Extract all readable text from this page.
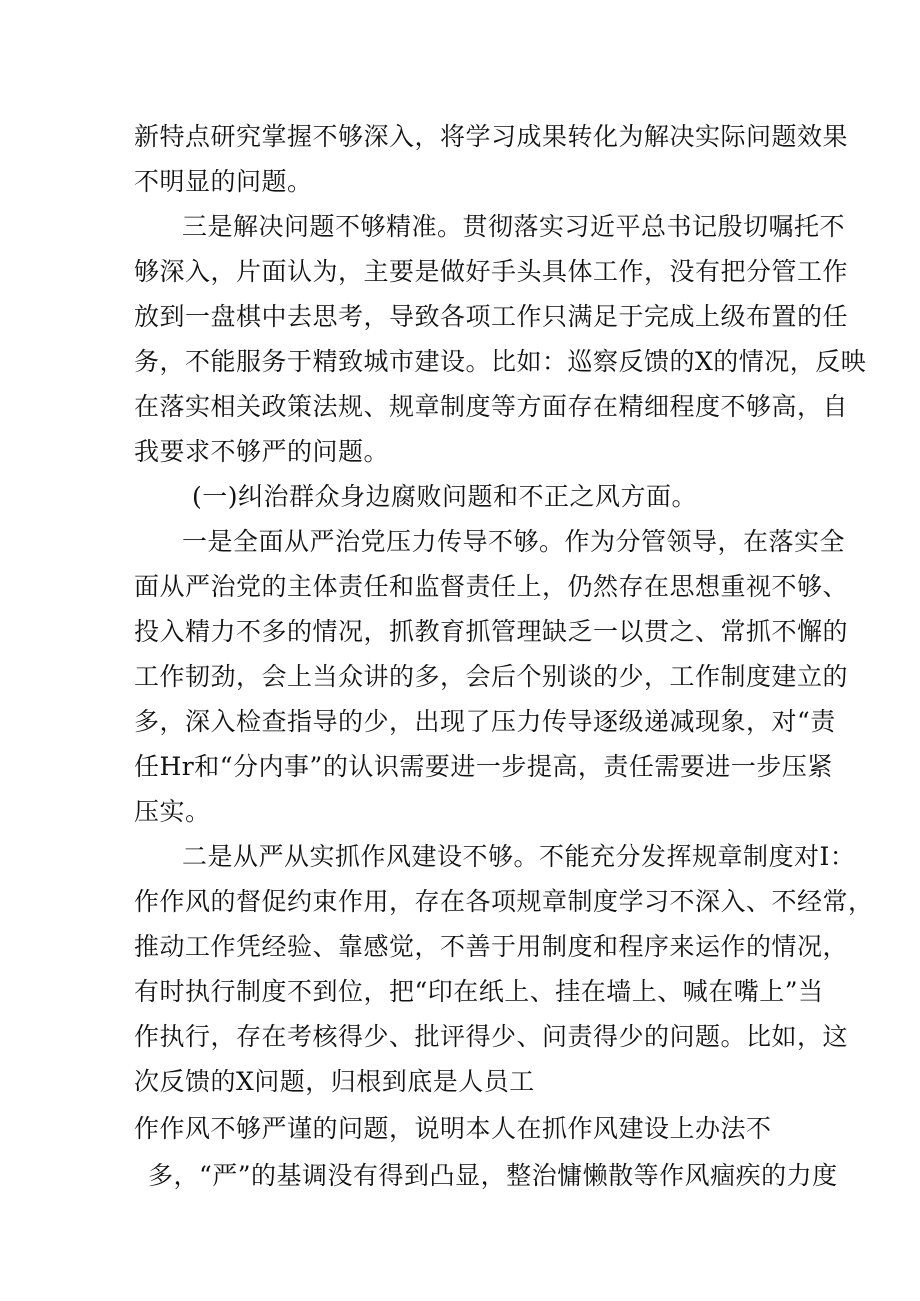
新特点研究掌握不够深入，将学习成果转化为解决实际问题效果
不明显的问题。
三是解决问题不够精准。贯彻落实习近平总书记殷切嘱托不
够深入，片面认为，主要是做好手头具体工作，没有把分管工作
放到一盘棋中去思考，导致各项工作只满足于完成上级布置的任
务，不能服务于精致城市建设。比如：巡察反馈的X的情况，反映
在落实相关政策法规、规章制度等方面存在精细程度不够高，自
我要求不够严的问题。
(一)纠治群众身边腐败问题和不正之风方面。
一是全面从严治党压力传导不够。作为分管领导，在落实全
面从严治党的主体责任和监督责任上，仍然存在思想重视不够、
投入精力不多的情况，抓教育抓管理缺乏一以贯之、常抓不懈的
工作韧劲，会上当众讲的多，会后个别谈的少，工作制度建立的
多，深入检查指导的少，出现了压力传导逐级递减现象，对“责
任Hr和“分内事”的认识需要进一步提高，责任需要进一步压紧
压实。
二是从严从实抓作风建设不够。不能充分发挥规章制度对I：
作作风的督促约束作用，存在各项规章制度学习不深入、不经常，
推动工作凭经验、靠感觉，不善于用制度和程序来运作的情况，
有时执行制度不到位，把“印在纸上、挂在墙上、喊在嘴上”当
作执行，存在考核得少、批评得少、问责得少的问题。比如，这
次反馈的X问题，归根到底是人员工
作作风不够严谨的问题，说明本人在抓作风建设上办法不
多，“严”的基调没有得到凸显，整治慵懒散等作风痼疾的力度
